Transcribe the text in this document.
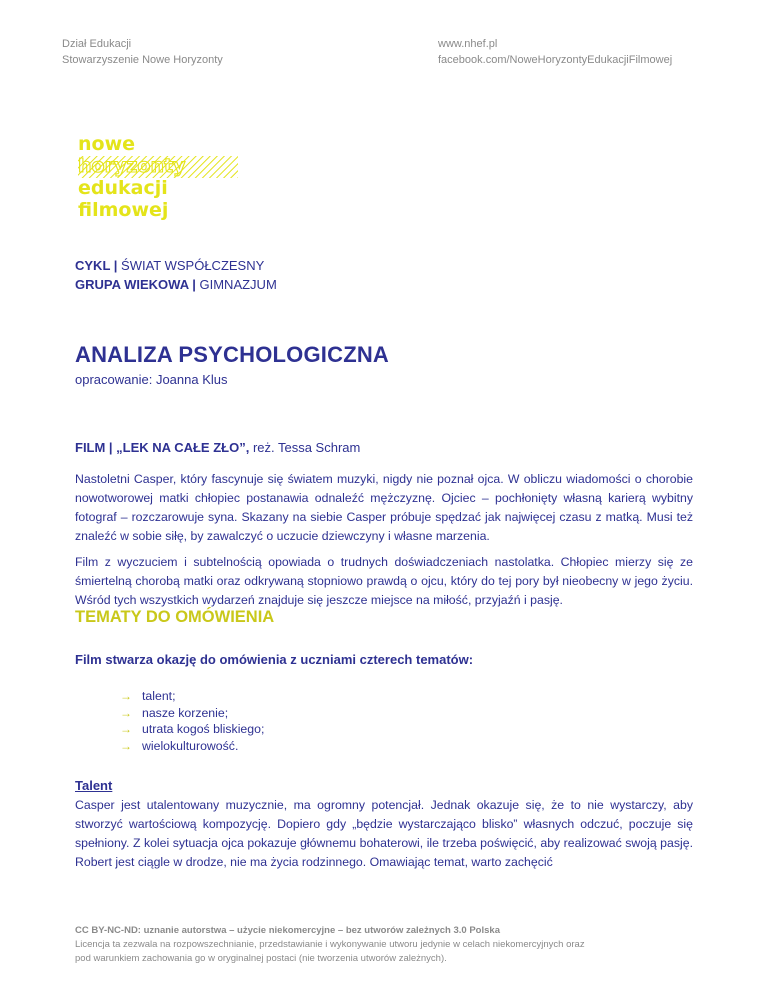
Dział Edukacji
Stowarzyszenie Nowe Horyzonty
www.nhef.pl
facebook.com/NoweHoryzontyEdukacjiFilmowej
nowe
horyzonty
edukacji
filmowej
CYKL | ŚWIAT WSPÓŁCZESNY
GRUPA WIEKOWA | GIMNAZJUM
ANALIZA PSYCHOLOGICZNA
opracowanie: Joanna Klus
FILM | „LEK NA CAŁE ZŁO”, reż. Tessa Schram

Nastoletni Casper, który fascynuje się światem muzyki, nigdy nie poznał ojca. W obliczu wiadomości o chorobie nowotworowej matki chłopiec postanawia odnaleźć mężczyznę. Ojciec – pochłonięty własną karierą wybitny fotograf – rozczarowuje syna. Skazany na siebie Casper próbuje spędzać jak najwięcej czasu z matką. Musi też znaleźć w sobie siłę, by zawalczyć o uczucie dziewczyny i własne marzenia.

Film z wyczuciem i subtelnością opowiada o trudnych doświadczeniach nastolatka. Chłopiec mierzy się ze śmiertelną chorobą matki oraz odkrywaną stopniowo prawdą o ojcu, który do tej pory był nieobecny w jego życiu. Wśród tych wszystkich wydarzeń znajduje się jeszcze miejsce na miłość, przyjaźń i pasję.

TEMATY DO OMÓWIENIA
Film stwarza okazję do omówienia z uczniami czterech tematów:
→ talent;
→ nasze korzenie;
→ utrata kogoś bliskiego;
→ wielokulturowość.
Talent

Casper jest utalentowany muzycznie, ma ogromny potencjał. Jednak okazuje się, że to nie wystarczy, aby stworzyć wartościową kompozycję. Dopiero gdy „będzie wystarczająco blisko” własnych odczuć, poczuje się spełniony. Z kolei sytuacja ojca pokazuje głównemu bohaterowi, ile trzeba poświęcić, aby realizować swoją pasję. Robert jest ciągle w drodze, nie ma życia rodzinnego. Omawiając temat, warto zachęcić

CC BY-NC-ND: uznanie autorstwa – użycie niekomercyjne – bez utworów zależnych 3.0 Polska
Licencja ta zezwala na rozpowszechnianie, przedstawianie i wykonywanie utworu jedynie w celach niekomercyjnych oraz
pod warunkiem zachowania go w oryginalnej postaci (nie tworzenia utworów zależnych).
